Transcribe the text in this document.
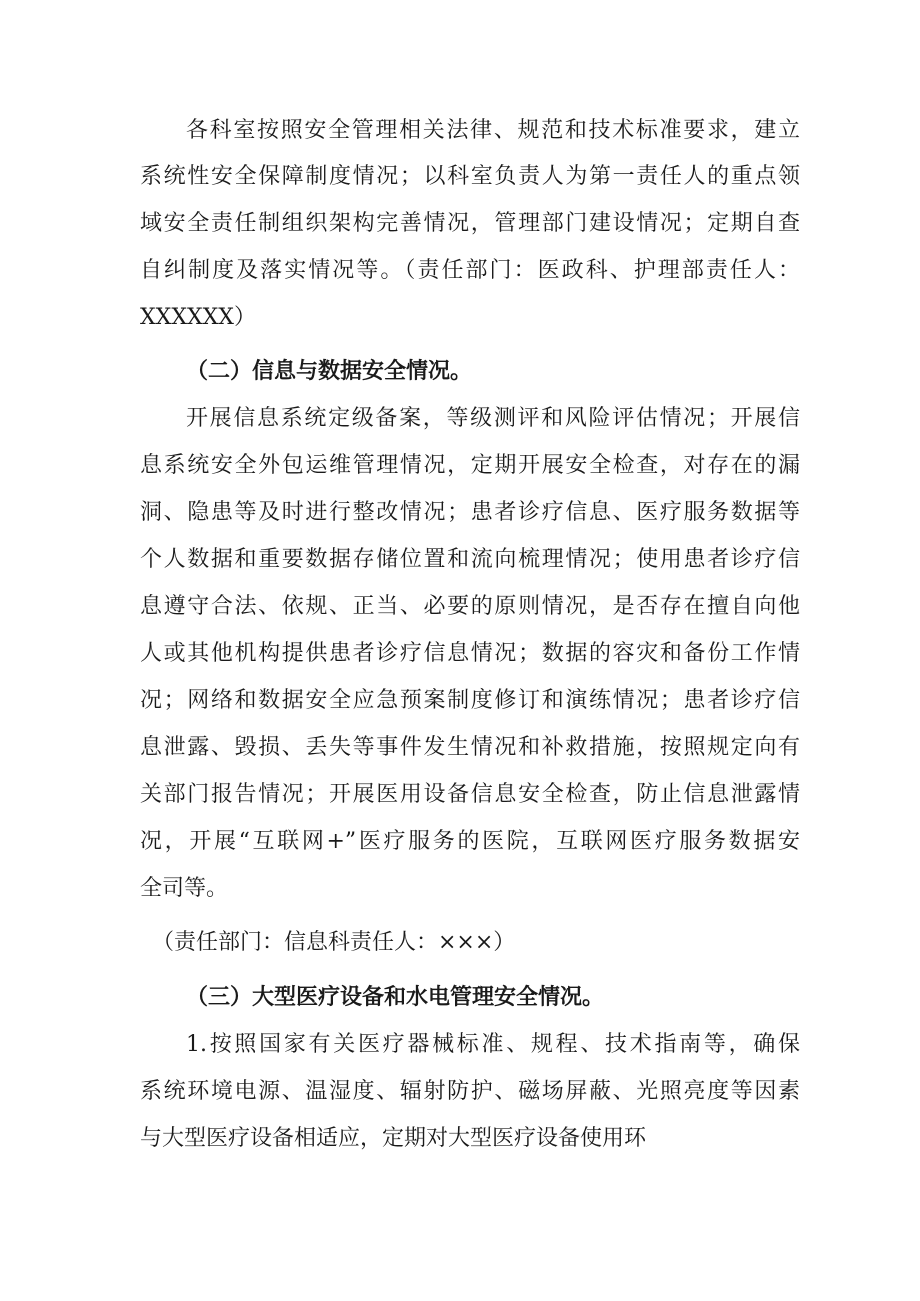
各科室按照安全管理相关法律、规范和技术标准要求，建立
系统性安全保障制度情况；以科室负责人为第一责任人的重点领
域安全责任制组织架构完善情况，管理部门建设情况；定期自查
自纠制度及落实情况等。（责任部门：医政科、护理部责任人：
XXXXXX）
（二）信息与数据安全情况。
开展信息系统定级备案，等级测评和风险评估情况；开展信
息系统安全外包运维管理情况，定期开展安全检查，对存在的漏
洞、隐患等及时进行整改情况；患者诊疗信息、医疗服务数据等
个人数据和重要数据存储位置和流向梳理情况；使用患者诊疗信
息遵守合法、依规、正当、必要的原则情况，是否存在擅自向他
人或其他机构提供患者诊疗信息情况；数据的容灾和备份工作情
况；网络和数据安全应急预案制度修订和演练情况；患者诊疗信
息泄露、毁损、丢失等事件发生情况和补救措施，按照规定向有
关部门报告情况；开展医用设备信息安全检查，防止信息泄露情
况，开展“互联网+”医疗服务的医院，互联网医疗服务数据安
全司等。
（责任部门：信息科责任人：×××）
（三）大型医疗设备和水电管理安全情况。
1.按照国家有关医疗器械标准、规程、技术指南等，确保
系统环境电源、温湿度、辐射防护、磁场屏蔽、光照亮度等因素
与大型医疗设备相适应，定期对大型医疗设备使用环
